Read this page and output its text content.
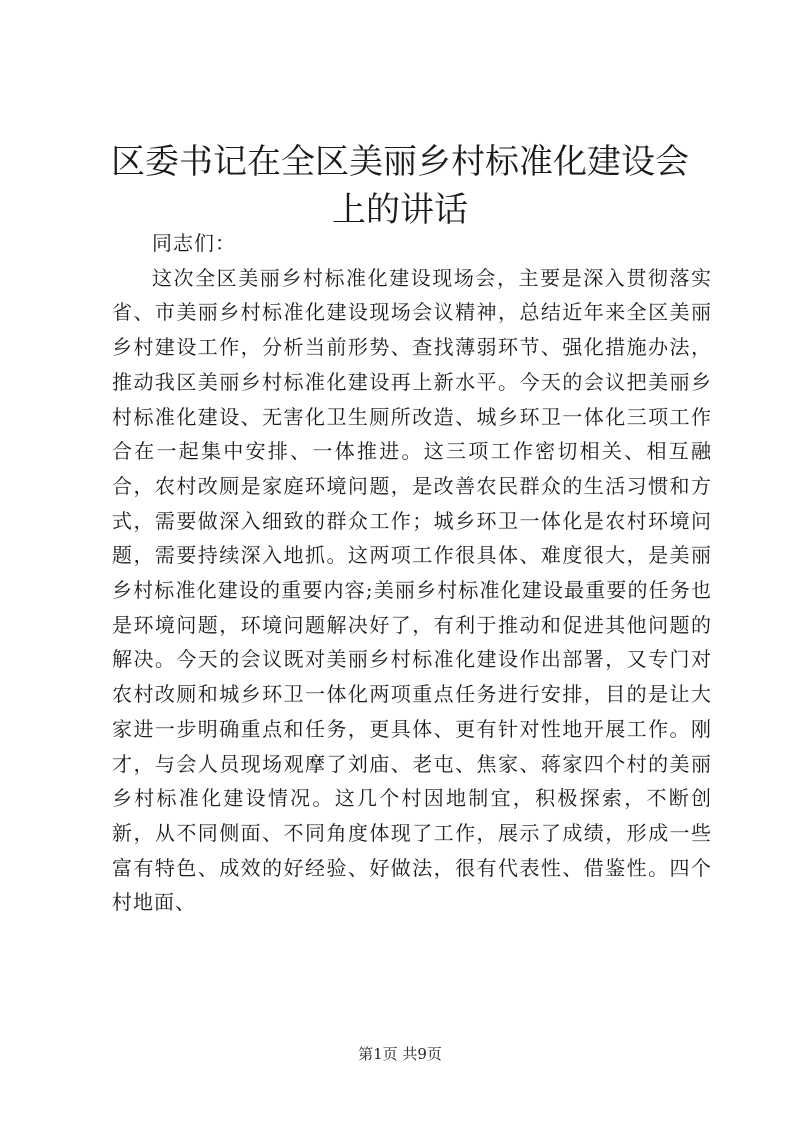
区委书记在全区美丽乡村标准化建设会上的讲话

同志们：

这次全区美丽乡村标准化建设现场会，主要是深入贯彻落实省、市美丽乡村标准化建设现场会议精神，总结近年来全区美丽乡村建设工作，分析当前形势、查找薄弱环节、强化措施办法，推动我区美丽乡村标准化建设再上新水平。今天的会议把美丽乡村标准化建设、无害化卫生厕所改造、城乡环卫一体化三项工作合在一起集中安排、一体推进。这三项工作密切相关、相互融合，农村改厕是家庭环境问题，是改善农民群众的生活习惯和方式，需要做深入细致的群众工作；城乡环卫一体化是农村环境问题，需要持续深入地抓。这两项工作很具体、难度很大，是美丽乡村标准化建设的重要内容;美丽乡村标准化建设最重要的任务也是环境问题，环境问题解决好了，有利于推动和促进其他问题的解决。今天的会议既对美丽乡村标准化建设作出部署，又专门对农村改厕和城乡环卫一体化两项重点任务进行安排，目的是让大家进一步明确重点和任务，更具体、更有针对性地开展工作。刚才，与会人员现场观摩了刘庙、老屯、焦家、蒋家四个村的美丽乡村标准化建设情况。这几个村因地制宜，积极探索，不断创新，从不同侧面、不同角度体现了工作，展示了成绩，形成一些富有特色、成效的好经验、好做法，很有代表性、借鉴性。四个村地面、

第1页 共9页
